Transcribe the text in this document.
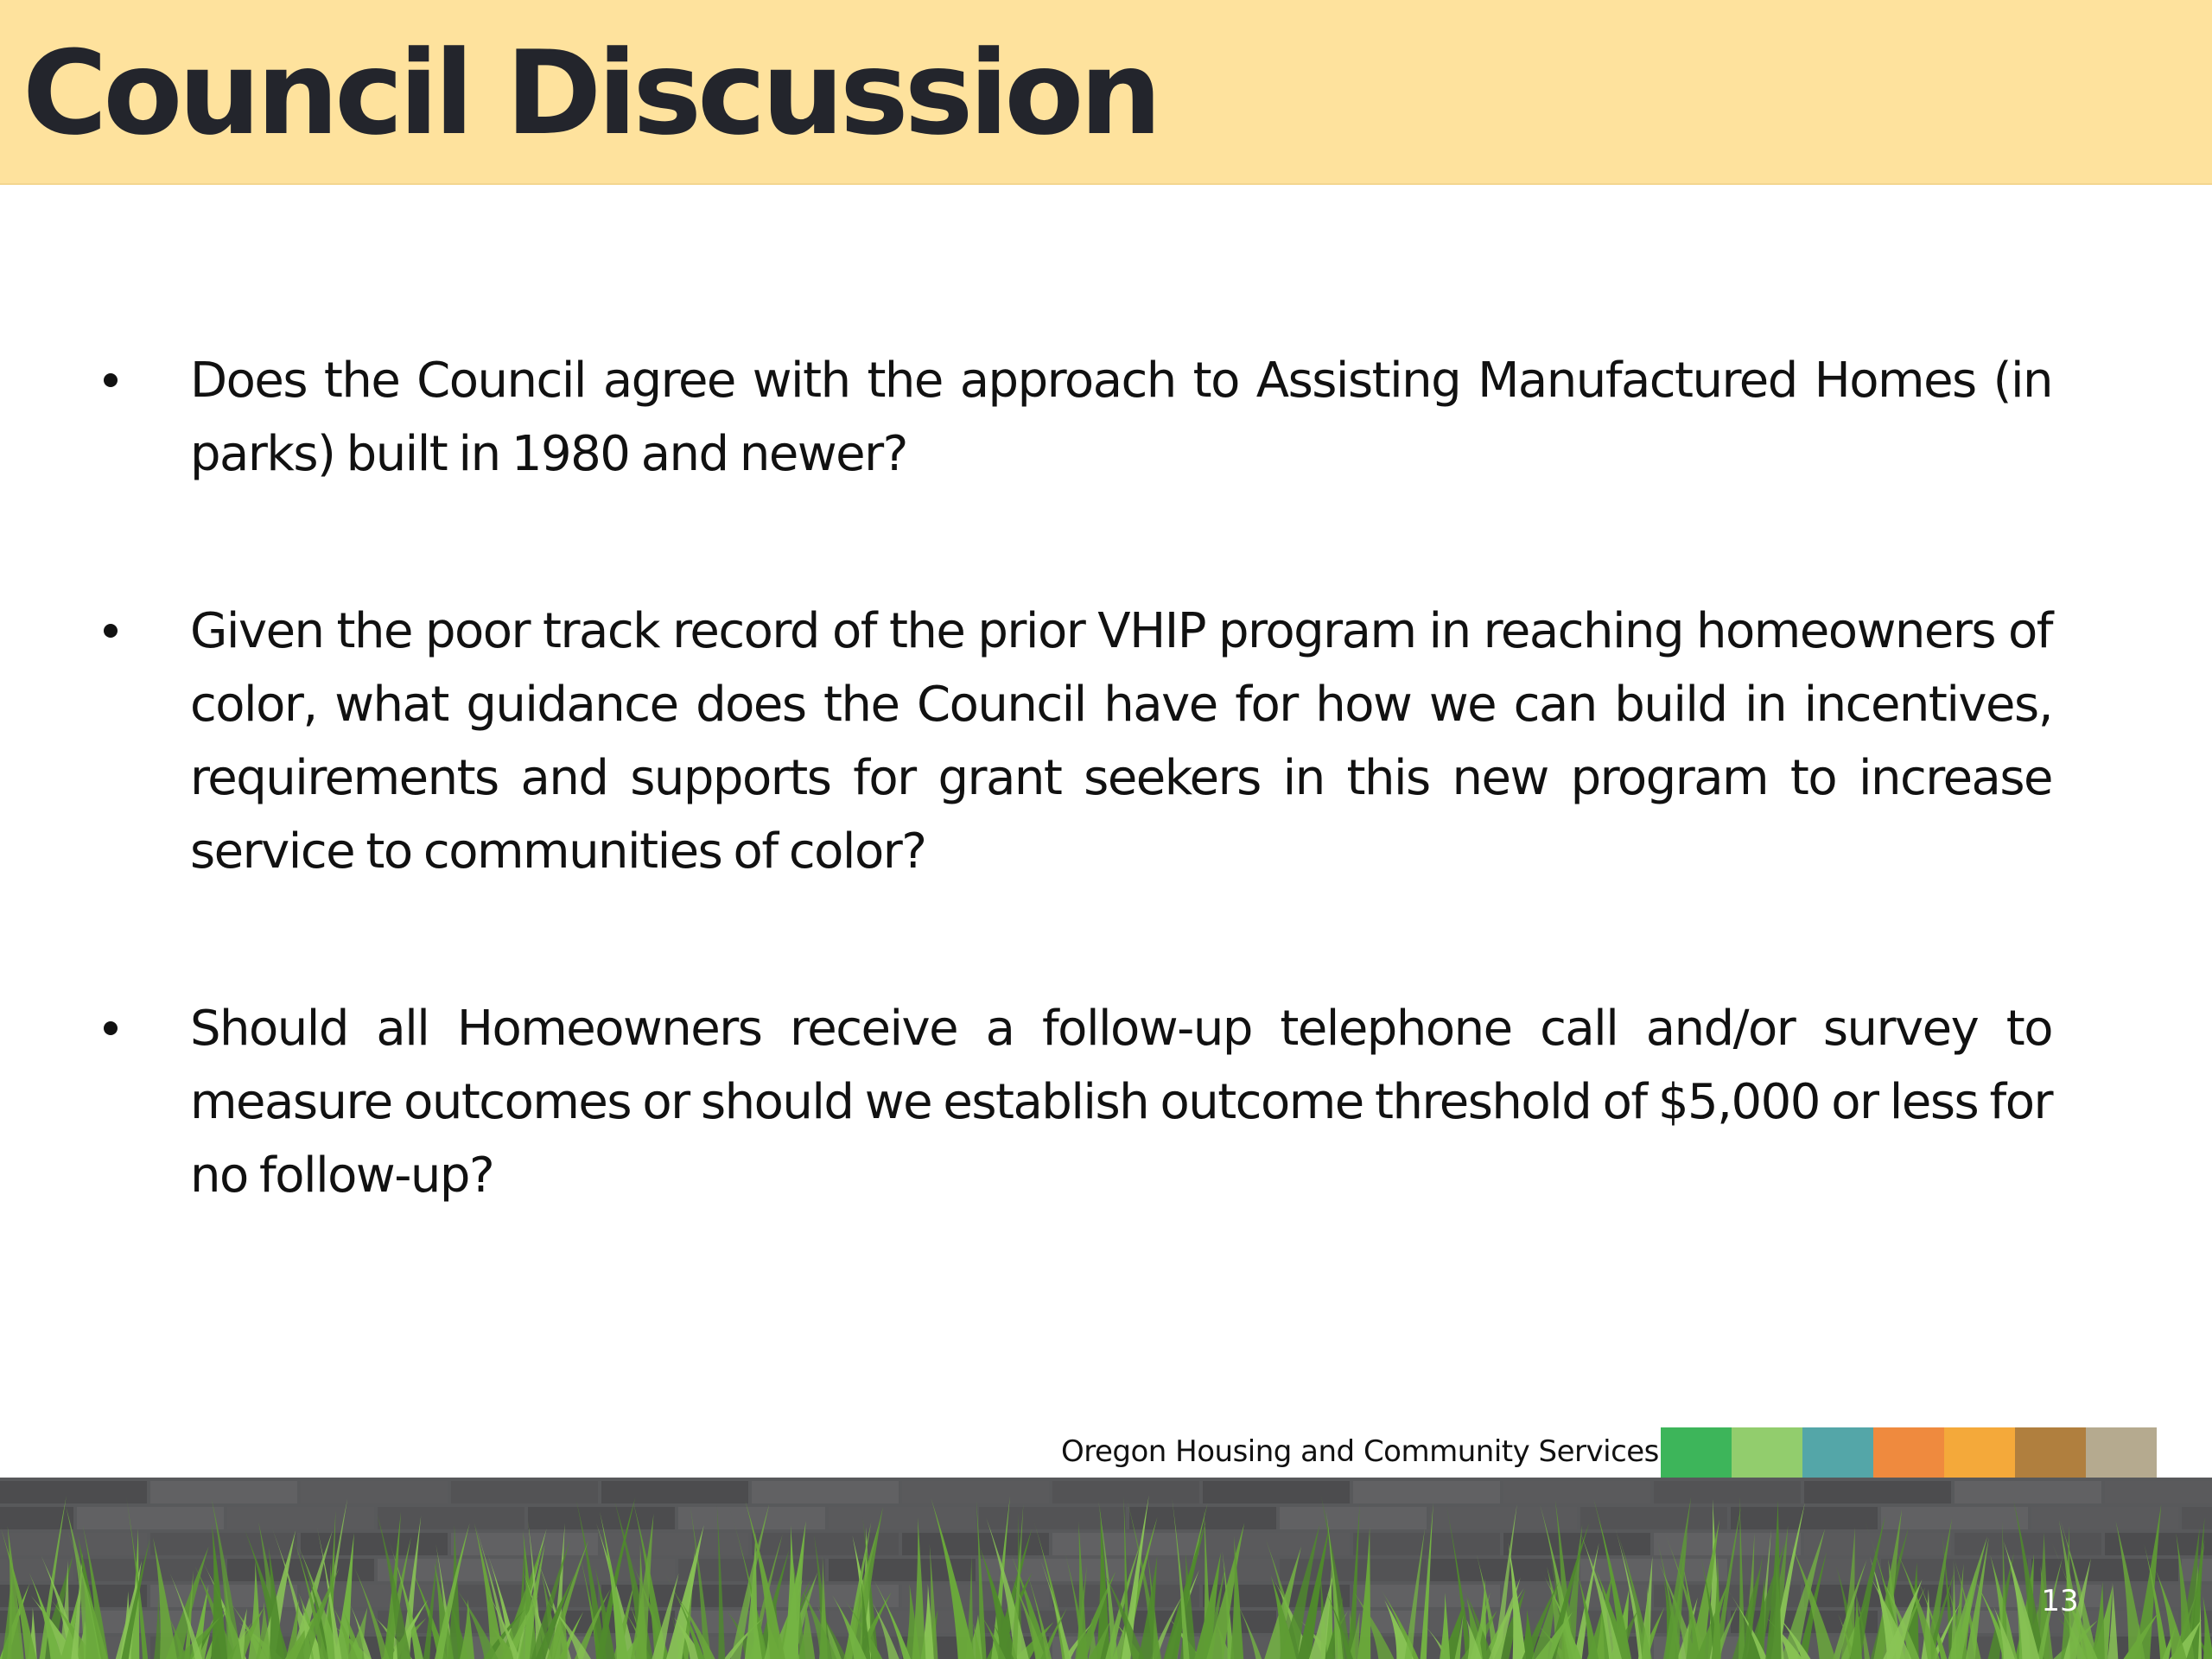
Council Discussion
Does the Council agree with the approach to Assisting Manufactured Homes (in parks) built in 1980 and newer?
Given the poor track record of the prior VHIP program in reaching homeowners of color, what guidance does the Council have for how we can build in incentives, requirements and supports for grant seekers in this new program to increase service to communities of color?
Should all Homeowners receive a follow-up telephone call and/or survey to measure outcomes or should we establish outcome threshold of $5,000 or less for no follow-up?
Oregon Housing and Community Services
13
